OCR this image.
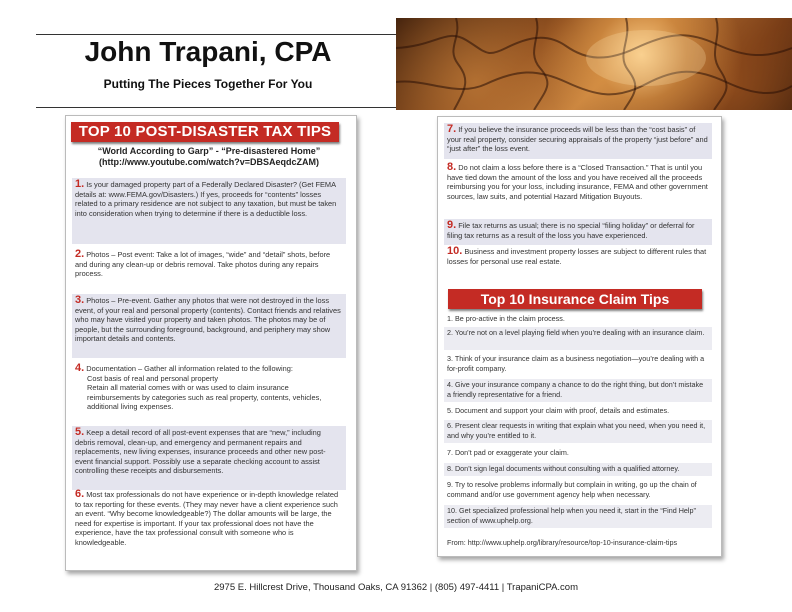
John Trapani, CPA
Putting The Pieces Together For You
TOP 10 POST-DISASTER TAX TIPS
“World According to Garp” - “Pre-disastered Home”
(http://www.youtube.com/watch?v=DBSAeqdcZAM)
1. Is your damaged property part of a Federally Declared Disaster? (Get FEMA details at: www.FEMA.gov/Disasters.) If yes, proceeds for “contents” losses related to a primary residence are not subject to any taxation, but must be taken into consideration when trying to determine if there is a deductible loss.
2. Photos – Post event: Take a lot of images, “wide” and “detail” shots, before and during any clean-up or debris removal. Take photos during any repairs process.
3. Photos – Pre-event. Gather any photos that were not destroyed in the loss event, of your real and personal property (contents). Contact friends and relatives who may have visited your property and taken photos. The photos may be of people, but the surrounding foreground, background, and periphery may show important details and contents.
4. Documentation – Gather all information related to the following:
Cost basis of real and personal property
Retain all material comes with or was used to claim insurance reimbursements by categories such as real property, contents, vehicles, additional living expenses.
5. Keep a detail record of all post-event expenses that are “new,” including debris removal, clean-up, and emergency and permanent repairs and replacements, new living expenses, insurance proceeds and other new post-event financial support. Possibly use a separate checking account to assist controlling these receipts and disbursements.
6. Most tax professionals do not have experience or in-depth knowledge related to tax reporting for these events. (They may never have a client experience such an event. “Why become knowledgeable?) The dollar amounts will be large, the need for expertise is important. If your tax professional does not have the experience, have the tax professional consult with someone who is knowledgeable.
7. If you believe the insurance proceeds will be less than the “cost basis” of your real property, consider securing appraisals of the property “just before” and “just after” the loss event.
8. Do not claim a loss before there is a “Closed Transaction.” That is until you have tied down the amount of the loss and you have received all the proceeds reimbursing you for your loss, including insurance, FEMA and other government sources, law suits, and potential Hazard Mitigation Buyouts.
9. File tax returns as usual; there is no special “filing holiday” or deferral for filing tax returns as a result of the loss you have experienced.
10. Business and investment property losses are subject to different rules that losses for personal use real estate.
Top 10 Insurance Claim Tips
1. Be pro-active in the claim process.
2. You’re not on a level playing field when you’re dealing with an insurance claim.
3. Think of your insurance claim as a business negotiation—you’re dealing with a for-profit company.
4. Give your insurance company a chance to do the right thing, but don’t mistake a friendly representative for a friend.
5. Document and support your claim with proof, details and estimates.
6. Present clear requests in writing that explain what you need, when you need it, and why you’re entitled to it.
7. Don’t pad or exaggerate your claim.
8. Don’t sign legal documents without consulting with a qualified attorney.
9. Try to resolve problems informally but complain in writing, go up the chain of command and/or use government agency help when necessary.
10. Get specialized professional help when you need it, start in the “Find Help” section of www.uphelp.org.
From: http://www.uphelp.org/library/resource/top-10-insurance-claim-tips
2975 E. Hillcrest Drive, Thousand Oaks, CA 91362 | (805) 497-4411 | TrapaniCPA.com
